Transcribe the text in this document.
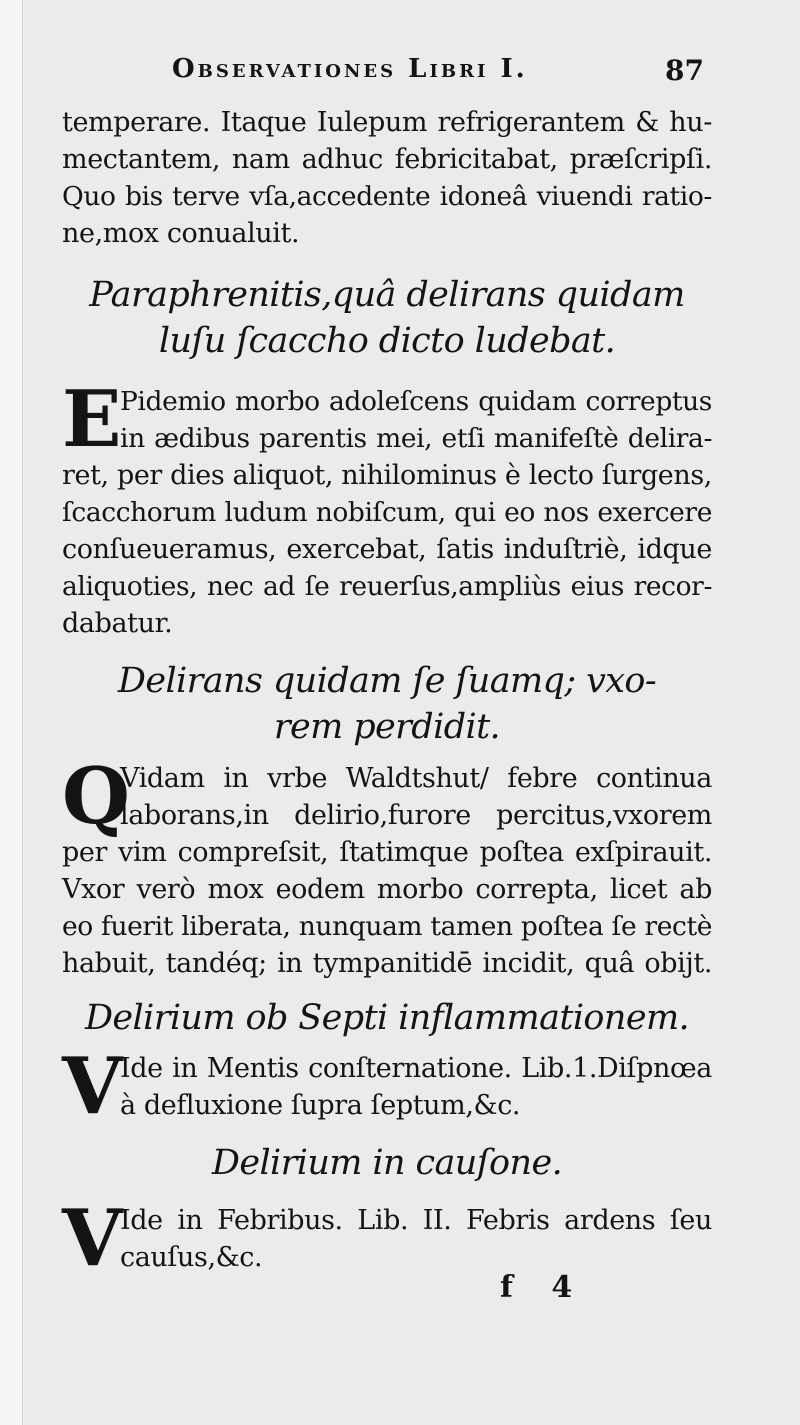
Observationes Libri I.	87
temperare. Itaque Iulepum refrigerantem & hu-
mectantem, nam adhuc febricitabat, præſcripſi.
Quo bis terve vſa,accedente idoneâ viuendi ratio-
ne,mox conualuit.
Paraphrenitis,quâ delirans quidam
luſu ſcaccho dicto ludebat.
E
Pidemio morbo adoleſcens quidam correptus
in ædibus parentis mei, etſi manifeſtè delira-
ret, per dies aliquot, nihilominus è lecto ſurgens,
ſcacchorum ludum nobiſcum, qui eo nos exercere
conſueueramus, exercebat, ſatis induſtriè, idque
aliquoties, nec ad ſe reuerſus,ampliùs eius recor-
dabatur.
Delirans quidam ſe ſuamq; vxo-
rem perdidit.
Q
Vidam in vrbe Waldtshut/ febre continua
laborans,in delirio,furore percitus,vxorem
per vim compreſsit, ſtatimque poſtea exſpirauit.
Vxor verò mox eodem morbo correpta, licet ab
eo fuerit liberata, nunquam tamen poſtea ſe rectè
habuit, tandéq; in tympanitidē incidit, quâ obijt.
Delirium ob Septi inflammationem.
V
Ide in Mentis conſternatione. Lib.1.Diſpnœa
à defluxione ſupra ſeptum,&c.
Delirium in cauſone.
V
Ide in Febribus. Lib. II. Febris ardens ſeu
cauſus,&c.
f 4
